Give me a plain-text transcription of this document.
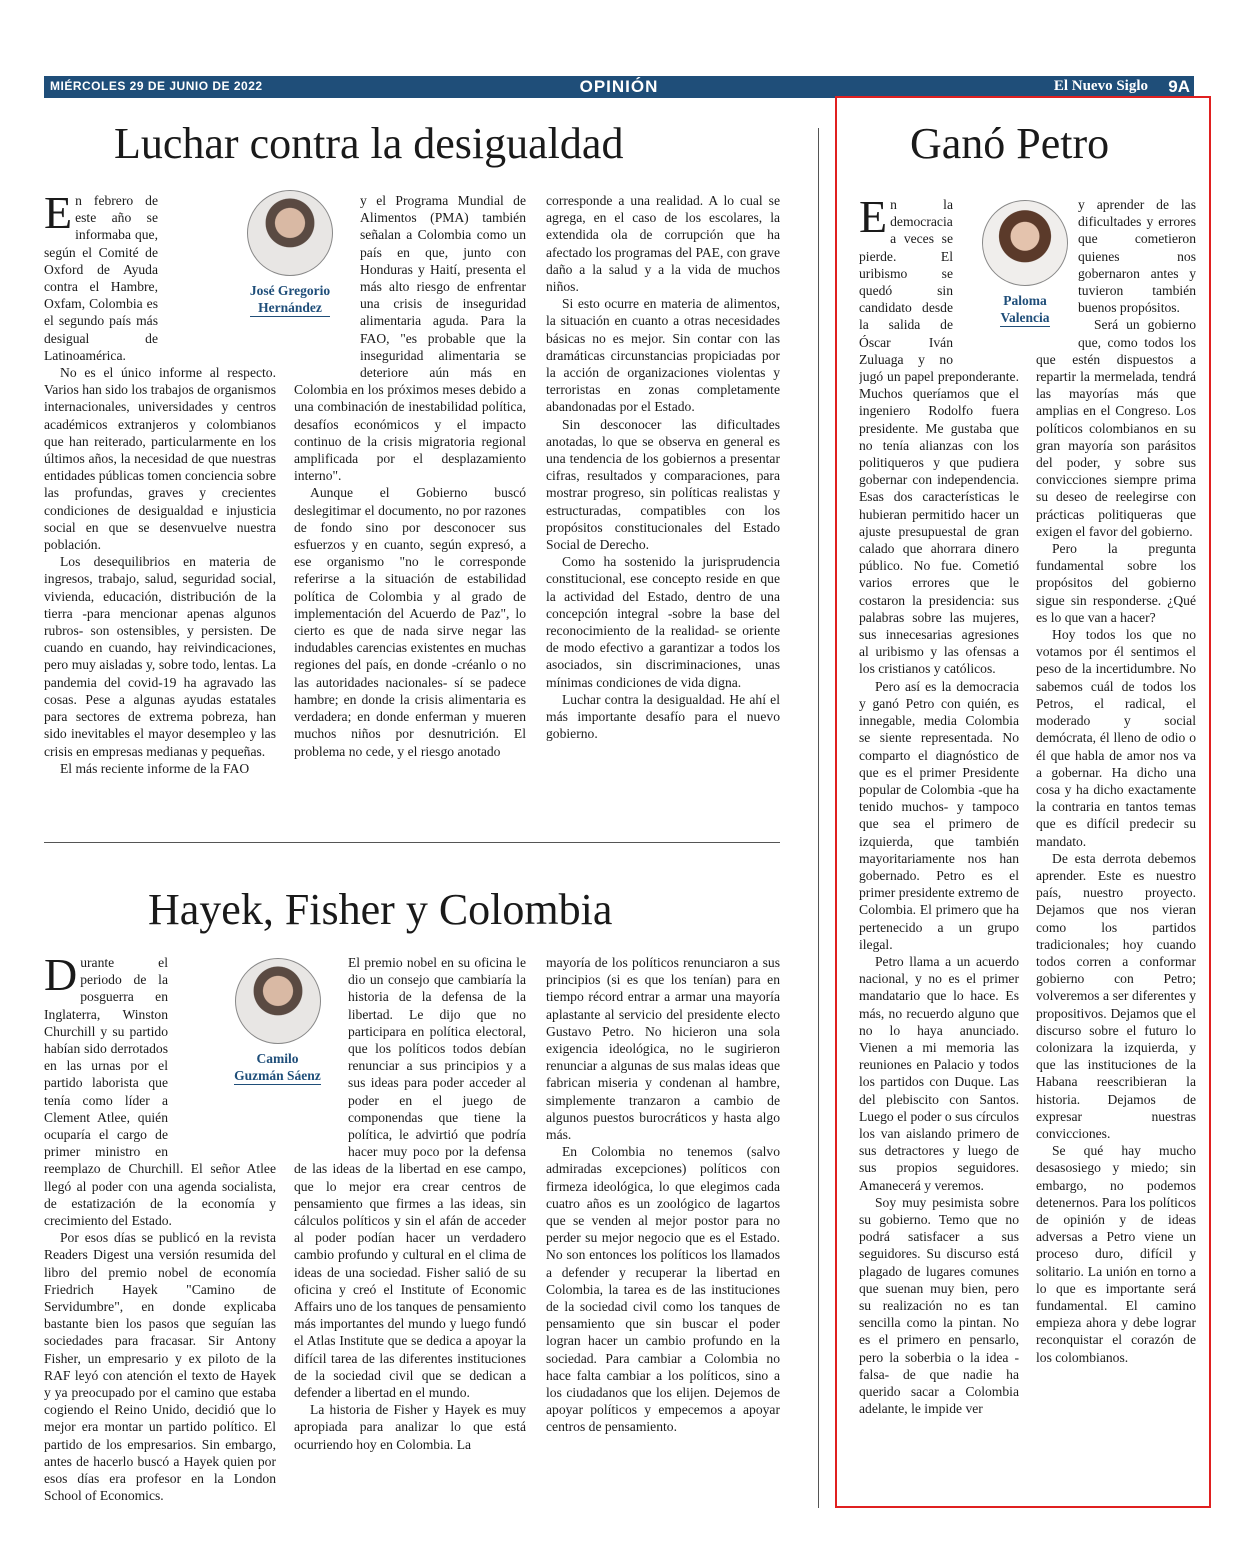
MIÉRCOLES 29 DE JUNIO DE 2022	OPINIÓN	El Nuevo Siglo 9A
Luchar contra la desigualdad
José Gregorio
Hernández

En febrero de este año se informaba que, según el Comité de Oxford de Ayuda contra el Hambre, Oxfam, Colombia es el segundo país más desigual de Latinoamérica.

No es el único informe al respecto. Varios han sido los trabajos de organismos internacionales, universidades y centros académicos extranjeros y colombianos que han reiterado, particularmente en los últimos años, la necesidad de que nuestras entidades públicas tomen conciencia sobre las profundas, graves y crecientes condiciones de desigualdad e injusticia social en que se desenvuelve nuestra población.

Los desequilibrios en materia de ingresos, trabajo, salud, seguridad social, vivienda, educación, distribución de la tierra -para mencionar apenas algunos rubros- son ostensibles, y persisten. De cuando en cuando, hay reivindicaciones, pero muy aisladas y, sobre todo, lentas. La pandemia del covid-19 ha agravado las cosas. Pese a algunas ayudas estatales para sectores de extrema pobreza, han sido inevitables el mayor desempleo y las crisis en empresas medianas y pequeñas.

El más reciente informe de la FAO

y el Programa Mundial de Alimentos (PMA) también señalan a Colombia como un país en que, junto con Honduras y Haití, presenta el más alto riesgo de enfrentar una crisis de inseguridad alimentaria aguda. Para la FAO, "es probable que la inseguridad alimentaria se deteriore aún más en Colombia en los próximos meses debido a una combinación de inestabilidad política, desafíos económicos y el impacto continuo de la crisis migratoria regional amplificada por el desplazamiento interno".

Aunque el Gobierno buscó deslegitimar el documento, no por razones de fondo sino por desconocer sus esfuerzos y en cuanto, según expresó, a ese organismo "no le corresponde referirse a la situación de estabilidad política de Colombia y al grado de implementación del Acuerdo de Paz", lo cierto es que de nada sirve negar las indudables carencias existentes en muchas regiones del país, en donde -créanlo o no las autoridades nacionales- sí se padece hambre; en donde la crisis alimentaria es verdadera; en donde enferman y mueren muchos niños por desnutrición. El problema no cede, y el riesgo anotado

corresponde a una realidad. A lo cual se agrega, en el caso de los escolares, la extendida ola de corrupción que ha afectado los programas del PAE, con grave daño a la salud y a la vida de muchos niños.

Si esto ocurre en materia de alimentos, la situación en cuanto a otras necesidades básicas no es mejor. Sin contar con las dramáticas circunstancias propiciadas por la acción de organizaciones violentas y terroristas en zonas completamente abandonadas por el Estado.

Sin desconocer las dificultades anotadas, lo que se observa en general es una tendencia de los gobiernos a presentar cifras, resultados y comparaciones, para mostrar progreso, sin políticas realistas y estructuradas, compatibles con los propósitos constitucionales del Estado Social de Derecho.

Como ha sostenido la jurisprudencia constitucional, ese concepto reside en que la actividad del Estado, dentro de una concepción integral -sobre la base del reconocimiento de la realidad- se oriente de modo efectivo a garantizar a todos los asociados, sin discriminaciones, unas mínimas condiciones de vida digna.

Luchar contra la desigualdad. He ahí el más importante desafío para el nuevo gobierno.

Hayek, Fisher y Colombia
Camilo
Guzmán Sáenz

Durante el periodo de la posguerra en Inglaterra, Winston Churchill y su partido habían sido derrotados en las urnas por el partido laborista que tenía como líder a Clement Atlee, quién ocuparía el cargo de primer ministro en reemplazo de Churchill. El señor Atlee llegó al poder con una agenda socialista, de estatización de la economía y crecimiento del Estado.

Por esos días se publicó en la revista Readers Digest una versión resumida del libro del premio nobel de economía Friedrich Hayek "Camino de Servidumbre", en donde explicaba bastante bien los pasos que seguían las sociedades para fracasar. Sir Antony Fisher, un empresario y ex piloto de la RAF leyó con atención el texto de Hayek y ya preocupado por el camino que estaba cogiendo el Reino Unido, decidió que lo mejor era montar un partido político. El partido de los empresarios. Sin embargo, antes de hacerlo buscó a Hayek quien por esos días era profesor en la London School of Economics.

El premio nobel en su oficina le dio un consejo que cambiaría la historia de la defensa de la libertad. Le dijo que no participara en política electoral, que los políticos todos debían renunciar a sus principios y a sus ideas para poder acceder al poder en el juego de componendas que tiene la política, le advirtió que podría hacer muy poco por la defensa de las ideas de la libertad en ese campo, que lo mejor era crear centros de pensamiento que firmes a las ideas, sin cálculos políticos y sin el afán de acceder al poder podían hacer un verdadero cambio profundo y cultural en el clima de ideas de una sociedad. Fisher salió de su oficina y creó el Institute of Economic Affairs uno de los tanques de pensamiento más importantes del mundo y luego fundó el Atlas Institute que se dedica a apoyar la difícil tarea de las diferentes instituciones de la sociedad civil que se dedican a defender a libertad en el mundo.

La historia de Fisher y Hayek es muy apropiada para analizar lo que está ocurriendo hoy en Colombia. La

mayoría de los políticos renunciaron a sus principios (si es que los tenían) para en tiempo récord entrar a armar una mayoría aplastante al servicio del presidente electo Gustavo Petro. No hicieron una sola exigencia ideológica, no le sugirieron renunciar a algunas de sus malas ideas que fabrican miseria y condenan al hambre, simplemente tranzaron a cambio de algunos puestos burocráticos y hasta algo más.

En Colombia no tenemos (salvo admiradas excepciones) políticos con firmeza ideológica, lo que elegimos cada cuatro años es un zoológico de lagartos que se venden al mejor postor para no perder su mejor negocio que es el Estado. No son entonces los políticos los llamados a defender y recuperar la libertad en Colombia, la tarea es de las instituciones de la sociedad civil como los tanques de pensamiento que sin buscar el poder logran hacer un cambio profundo en la sociedad. Para cambiar a Colombia no hace falta cambiar a los políticos, sino a los ciudadanos que los elijen. Dejemos de apoyar políticos y empecemos a apoyar centros de pensamiento.

Ganó Petro
Paloma
Valencia

En la democracia a veces se pierde. El uribismo se quedó sin candidato desde la salida de Óscar Iván Zuluaga y no jugó un papel preponderante. Muchos queríamos que el ingeniero Rodolfo fuera presidente. Me gustaba que no tenía alianzas con los politiqueros y que pudiera gobernar con independencia. Esas dos características le hubieran permitido hacer un ajuste presupuestal de gran calado que ahorrara dinero público. No fue. Cometió varios errores que le costaron la presidencia: sus palabras sobre las mujeres, sus innecesarias agresiones al uribismo y las ofensas a los cristianos y católicos.

Pero así es la democracia y ganó Petro con quién, es innegable, media Colombia se siente representada. No comparto el diagnóstico de que es el primer Presidente popular de Colombia -que ha tenido muchos- y tampoco que sea el primero de izquierda, que también mayoritariamente nos han gobernado. Petro es el primer presidente extremo de Colombia. El primero que ha pertenecido a un grupo ilegal.

Petro llama a un acuerdo nacional, y no es el primer mandatario que lo hace. Es más, no recuerdo alguno que no lo haya anunciado. Vienen a mi memoria las reuniones en Palacio y todos los partidos con Duque. Las del plebiscito con Santos. Luego el poder o sus círculos los van aislando primero de sus detractores y luego de sus propios seguidores. Amanecerá y veremos.

Soy muy pesimista sobre su gobierno. Temo que no podrá satisfacer a sus seguidores. Su discurso está plagado de lugares comunes que suenan muy bien, pero su realización no es tan sencilla como la pintan. No es el primero en pensarlo, pero la soberbia o la idea -falsa- de que nadie ha querido sacar a Colombia adelante, le impide ver

y aprender de las dificultades y errores que cometieron quienes nos gobernaron antes y tuvieron también buenos propósitos.

Será un gobierno que, como todos los que estén dispuestos a repartir la mermelada, tendrá las mayorías más que amplias en el Congreso. Los políticos colombianos en su gran mayoría son parásitos del poder, y sobre sus convicciones siempre prima su deseo de reelegirse con prácticas politiqueras que exigen el favor del gobierno.

Pero la pregunta fundamental sobre los propósitos del gobierno sigue sin responderse. ¿Qué es lo que van a hacer?

Hoy todos los que no votamos por él sentimos el peso de la incertidumbre. No sabemos cuál de todos los Petros, el radical, el moderado y social demócrata, él lleno de odio o él que habla de amor nos va a gobernar. Ha dicho una cosa y ha dicho exactamente la contraria en tantos temas que es difícil predecir su mandato.

De esta derrota debemos aprender. Este es nuestro país, nuestro proyecto. Dejamos que nos vieran como los partidos tradicionales; hoy cuando todos corren a conformar gobierno con Petro; volveremos a ser diferentes y propositivos. Dejamos que el discurso sobre el futuro lo colonizara la izquierda, y que las instituciones de la Habana reescribieran la historia. Dejamos de expresar nuestras convicciones.

Se qué hay mucho desasosiego y miedo; sin embargo, no podemos detenernos. Para los políticos de opinión y de ideas adversas a Petro viene un proceso duro, difícil y solitario. La unión en torno a lo que es importante será fundamental. El camino empieza ahora y debe lograr reconquistar el corazón de los colombianos.
